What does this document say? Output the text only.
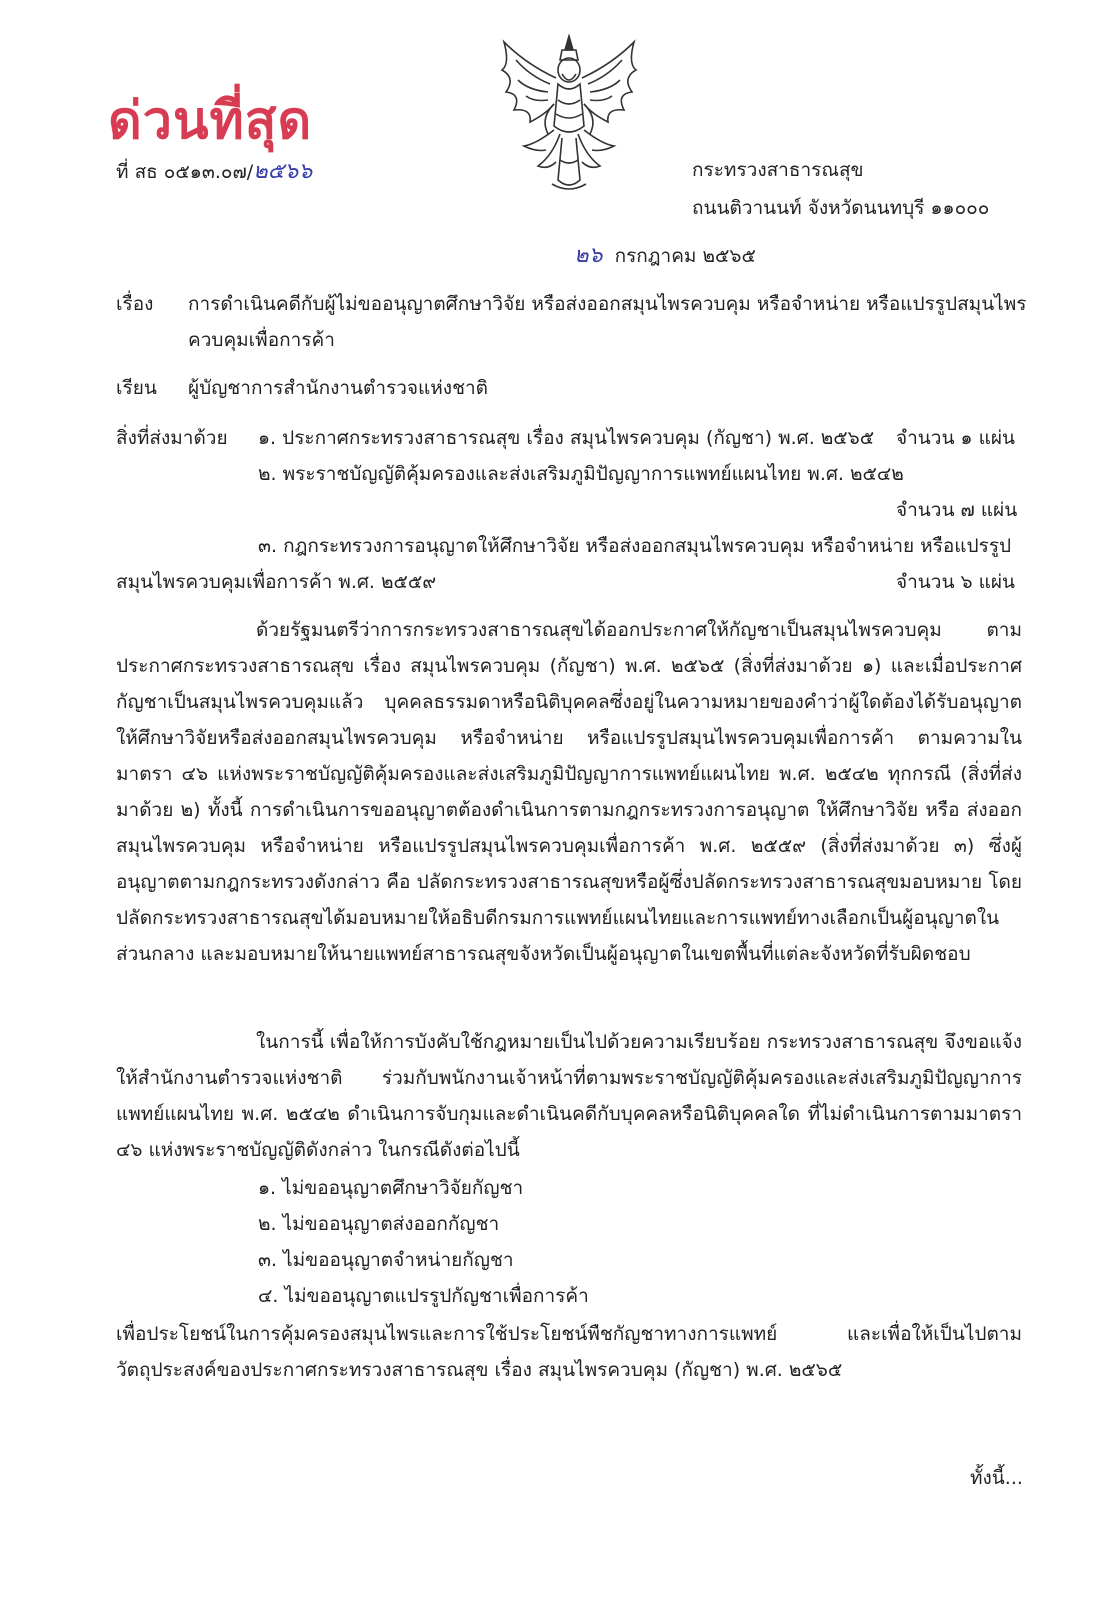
ด่วนที่สุด
ที่ สธ ๐๕๑๓.๐๗/๒๕๖๖	กระทรวงสาธารณสุข
ถนนติวานนท์ จังหวัดนนทบุรี ๑๑๐๐๐
๒๖ กรกฎาคม ๒๕๖๕
เรื่อง การดำเนินคดีกับผู้ไม่ขออนุญาตศึกษาวิจัย หรือส่งออกสมุนไพรควบคุม หรือจำหน่าย หรือแปรรูปสมุนไพร
ควบคุมเพื่อการค้า
เรียน ผู้บัญชาการสำนักงานตำรวจแห่งชาติ
สิ่งที่ส่งมาด้วย ๑. ประกาศกระทรวงสาธารณสุข เรื่อง สมุนไพรควบคุม (กัญชา) พ.ศ. ๒๕๖๕ จำนวน ๑ แผ่น
๒. พระราชบัญญัติคุ้มครองและส่งเสริมภูมิปัญญาการแพทย์แผนไทย พ.ศ. ๒๕๔๒
จำนวน ๗ แผ่น
๓. กฎกระทรวงการอนุญาตให้ศึกษาวิจัย หรือส่งออกสมุนไพรควบคุม หรือจำหน่าย หรือแปรรูป
สมุนไพรควบคุมเพื่อการค้า พ.ศ. ๒๕๕๙	จำนวน ๖ แผ่น

ด้วยรัฐมนตรีว่าการกระทรวงสาธารณสุขได้ออกประกาศให้กัญชาเป็นสมุนไพรควบคุม ตามประกาศกระทรวงสาธารณสุข เรื่อง สมุนไพรควบคุม (กัญชา) พ.ศ. ๒๕๖๕ (สิ่งที่ส่งมาด้วย ๑) และเมื่อประกาศกัญชาเป็นสมุนไพรควบคุมแล้ว บุคคลธรรมดาหรือนิติบุคคลซึ่งอยู่ในความหมายของคำว่าผู้ใดต้องได้รับอนุญาตให้ศึกษาวิจัยหรือส่งออกสมุนไพรควบคุม หรือจำหน่าย หรือแปรรูปสมุนไพรควบคุมเพื่อการค้า ตามความในมาตรา ๔๖ แห่งพระราชบัญญัติคุ้มครองและส่งเสริมภูมิปัญญาการแพทย์แผนไทย พ.ศ. ๒๕๔๒ ทุกกรณี (สิ่งที่ส่งมาด้วย ๒) ทั้งนี้ การดำเนินการขออนุญาตต้องดำเนินการตามกฎกระทรวงการอนุญาต ให้ศึกษาวิจัย หรือ ส่งออกสมุนไพรควบคุม หรือจำหน่าย หรือแปรรูปสมุนไพรควบคุมเพื่อการค้า พ.ศ. ๒๕๕๙ (สิ่งที่ส่งมาด้วย ๓) ซึ่งผู้อนุญาตตามกฎกระทรวงดังกล่าว คือ ปลัดกระทรวงสาธารณสุขหรือผู้ซึ่งปลัดกระทรวงสาธารณสุขมอบหมาย โดยปลัดกระทรวงสาธารณสุขได้มอบหมายให้อธิบดีกรมการแพทย์แผนไทยและการแพทย์ทางเลือกเป็นผู้อนุญาตในส่วนกลาง และมอบหมายให้นายแพทย์สาธารณสุขจังหวัดเป็นผู้อนุญาตในเขตพื้นที่แต่ละจังหวัดที่รับผิดชอบ

ในการนี้ เพื่อให้การบังคับใช้กฎหมายเป็นไปด้วยความเรียบร้อย กระทรวงสาธารณสุข จึงขอแจ้งให้สำนักงานตำรวจแห่งชาติ ร่วมกับพนักงานเจ้าหน้าที่ตามพระราชบัญญัติคุ้มครองและส่งเสริมภูมิปัญญาการแพทย์แผนไทย พ.ศ. ๒๕๔๒ ดำเนินการจับกุมและดำเนินคดีกับบุคคลหรือนิติบุคคลใด ที่ไม่ดำเนินการตามมาตรา ๔๖ แห่งพระราชบัญญัติดังกล่าว ในกรณีดังต่อไปนี้

๑. ไม่ขออนุญาตศึกษาวิจัยกัญชา
๒. ไม่ขออนุญาตส่งออกกัญชา
๓. ไม่ขออนุญาตจำหน่ายกัญชา
๔. ไม่ขออนุญาตแปรรูปกัญชาเพื่อการค้า

เพื่อประโยชน์ในการคุ้มครองสมุนไพรและการใช้ประโยชน์พืชกัญชาทางการแพทย์ และเพื่อให้เป็นไปตาม วัตถุประสงค์ของประกาศกระทรวงสาธารณสุข เรื่อง สมุนไพรควบคุม (กัญชา) พ.ศ. ๒๕๖๕

ทั้งนี้...
